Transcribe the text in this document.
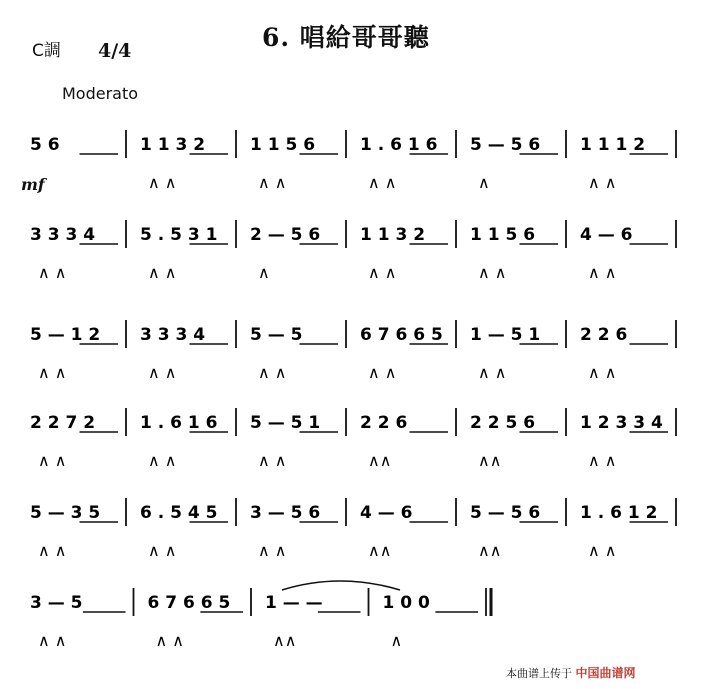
6. 唱給哥哥聽
C調 4/4
Moderato
mf
5 6	1 1 3 2
∧ ∧
1 1 5 6
∧ ∧
1 . 6 1 6
∧ ∧
5 — 5 6
∧
1 1 1 2
∧ ∧
3 3 3 4
∧ ∧
5 . 5 3 1
∧ ∧
2 — 5 6
∧
1 1 3 2
∧ ∧
1 1 5 6
∧ ∧
4 — 6
∧ ∧
5 — 1 2
∧ ∧
3 3 3 4
∧ ∧
5 — 5
∧ ∧
6 7 6 6 5
∧ ∧
1 — 5 1
∧ ∧
2 2 6
∧ ∧
2 2 7 2
∧ ∧
1 . 6 1 6
∧ ∧
5 — 5 1
∧ ∧
2 2 6
∧∧
2 2 5 6
∧∧
1 2 3 3 4
∧ ∧
5 — 3 5
∧ ∧
6 . 5 4 5
∧ ∧
3 — 5 6
∧ ∧
4 — 6
∧∧
5 — 5 6
∧∧
1 . 6 1 2
∧ ∧
3 — 5
∧ ∧
6 7 6 6 5
∧ ∧
1 — —
∧∧
1 0 0
∧
本曲谱上传于 中国曲谱网
